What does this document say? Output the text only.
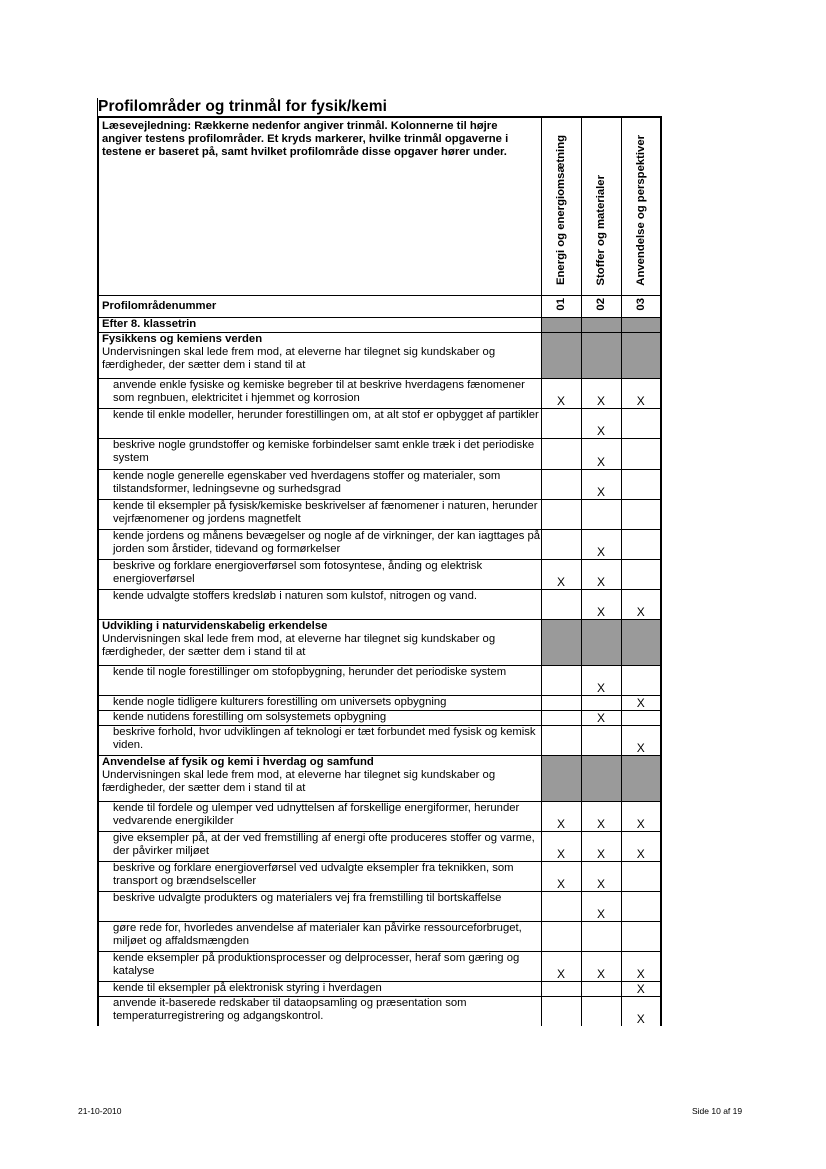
Profilområder og trinmål for fysik/kemi
Læsevejledning: Rækkerne nedenfor angiver trinmål. Kolonnerne til højre angiver testens profilområder. Et kryds markerer, hvilke trinmål opgaverne i testene er baseret på, samt hvilket profilområde disse opgaver hører under.	Energi og energiomsætning	Stoffer og materialer	Anvendelse og perspektiver
Profilområdenummer	01	02	03
Efter 8. klassetrin			

Fysikkens og kemiens verden
Undervisningen skal lede frem mod, at eleverne har tilegnet sig kundskaber og færdigheder, der sætter dem i stand til at			

anvende enkle fysiske og kemiske begreber til at beskrive hverdagens fænomener som regnbuen, elektricitet i hjemmet og korrosion	X	X	X
kende til enkle modeller, herunder forestillingen om, at alt stof er opbygget af partikler		X	
beskrive nogle grundstoffer og kemiske forbindelser samt enkle træk i det periodiske system		X	
kende nogle generelle egenskaber ved hverdagens stoffer og materialer, som tilstandsformer, ledningsevne og surhedsgrad		X	
kende til eksempler på fysisk/kemiske beskrivelser af fænomener i naturen, herunder vejrfænomener og jordens magnetfelt			
kende jordens og månens bevægelser og nogle af de virkninger, der kan iagttages på jorden som årstider, tidevand og formørkelser		X	
beskrive og forklare energioverførsel som fotosyntese, ånding og elektrisk energioverførsel	X	X	
kende udvalgte stoffers kredsløb i naturen som kulstof, nitrogen og vand.		X	X

Udvikling i naturvidenskabelig erkendelse
Undervisningen skal lede frem mod, at eleverne har tilegnet sig kundskaber og færdigheder, der sætter dem i stand til at			

kende til nogle forestillinger om stofopbygning, herunder det periodiske system		X	
kende nogle tidligere kulturers forestilling om universets opbygning			X
kende nutidens forestilling om solsystemets opbygning		X	
beskrive forhold, hvor udviklingen af teknologi er tæt forbundet med fysisk og kemisk viden.			X

Anvendelse af fysik og kemi i hverdag og samfund
Undervisningen skal lede frem mod, at eleverne har tilegnet sig kundskaber og færdigheder, der sætter dem i stand til at			

kende til fordele og ulemper ved udnyttelsen af forskellige energiformer, herunder vedvarende energikilder	X	X	X
give eksempler på, at der ved fremstilling af energi ofte produceres stoffer og varme, der påvirker miljøet	X	X	X
beskrive og forklare energioverførsel ved udvalgte eksempler fra teknikken, som transport og brændselsceller	X	X	
beskrive udvalgte produkters og materialers vej fra fremstilling til bortskaffelse		X	
gøre rede for, hvorledes anvendelse af materialer kan påvirke ressourceforbruget, miljøet og affaldsmængden			
kende eksempler på produktionsprocesser og delprocesser, heraf som gæring og katalyse	X	X	X
kende til eksempler på elektronisk styring i hverdagen			X
anvende it-baserede redskaber til dataopsamling og præsentation som temperaturregistrering og adgangskontrol.			X
21-10-2010	Side 10 af 19
